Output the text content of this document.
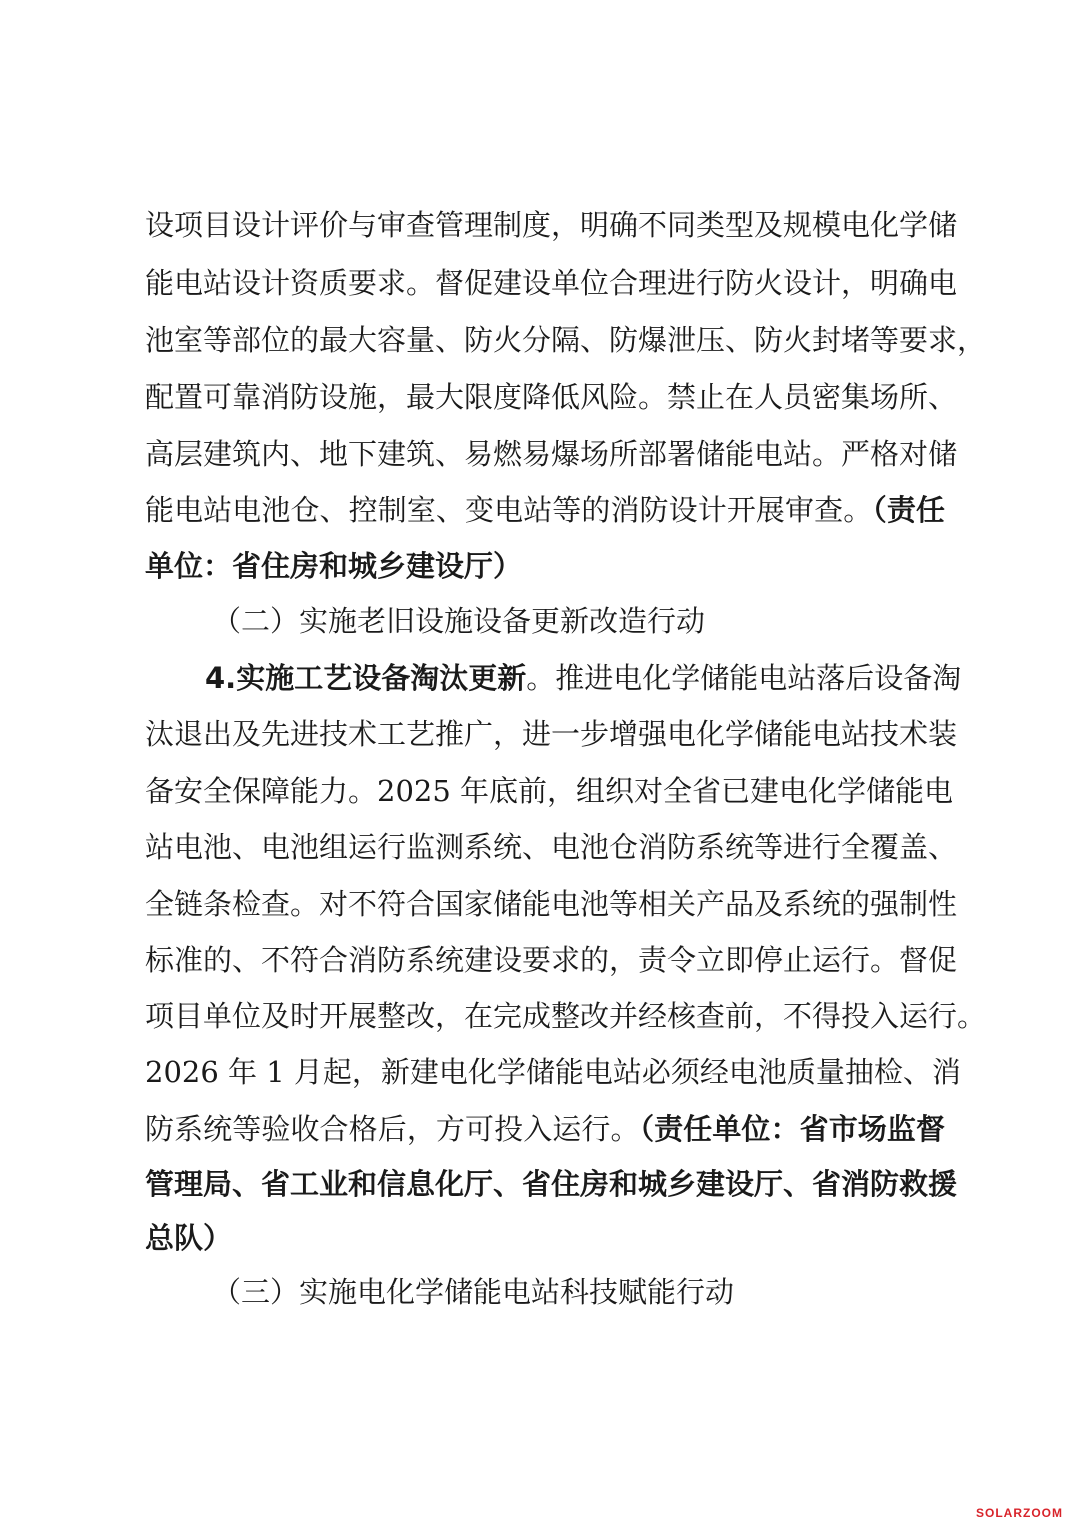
设项目设计评价与审查管理制度，明确不同类型及规模电化学储
能电站设计资质要求。督促建设单位合理进行防火设计，明确电
池室等部位的最大容量、防火分隔、防爆泄压、防火封堵等要求，
配置可靠消防设施，最大限度降低风险。禁止在人员密集场所、
高层建筑内、地下建筑、易燃易爆场所部署储能电站。严格对储
能电站电池仓、控制室、变电站等的消防设计开展审查。（责任
单位：省住房和城乡建设厅）
（二）实施老旧设施设备更新改造行动
4.实施工艺设备淘汰更新。推进电化学储能电站落后设备淘
汰退出及先进技术工艺推广，进一步增强电化学储能电站技术装
备安全保障能力。2025 年底前，组织对全省已建电化学储能电
站电池、电池组运行监测系统、电池仓消防系统等进行全覆盖、
全链条检查。对不符合国家储能电池等相关产品及系统的强制性
标准的、不符合消防系统建设要求的，责令立即停止运行。督促
项目单位及时开展整改，在完成整改并经核查前，不得投入运行。
2026 年 1 月起，新建电化学储能电站必须经电池质量抽检、消
防系统等验收合格后，方可投入运行。（责任单位：省市场监督
管理局、省工业和信息化厅、省住房和城乡建设厅、省消防救援
总队）
（三）实施电化学储能电站科技赋能行动
SOLARZOOM
